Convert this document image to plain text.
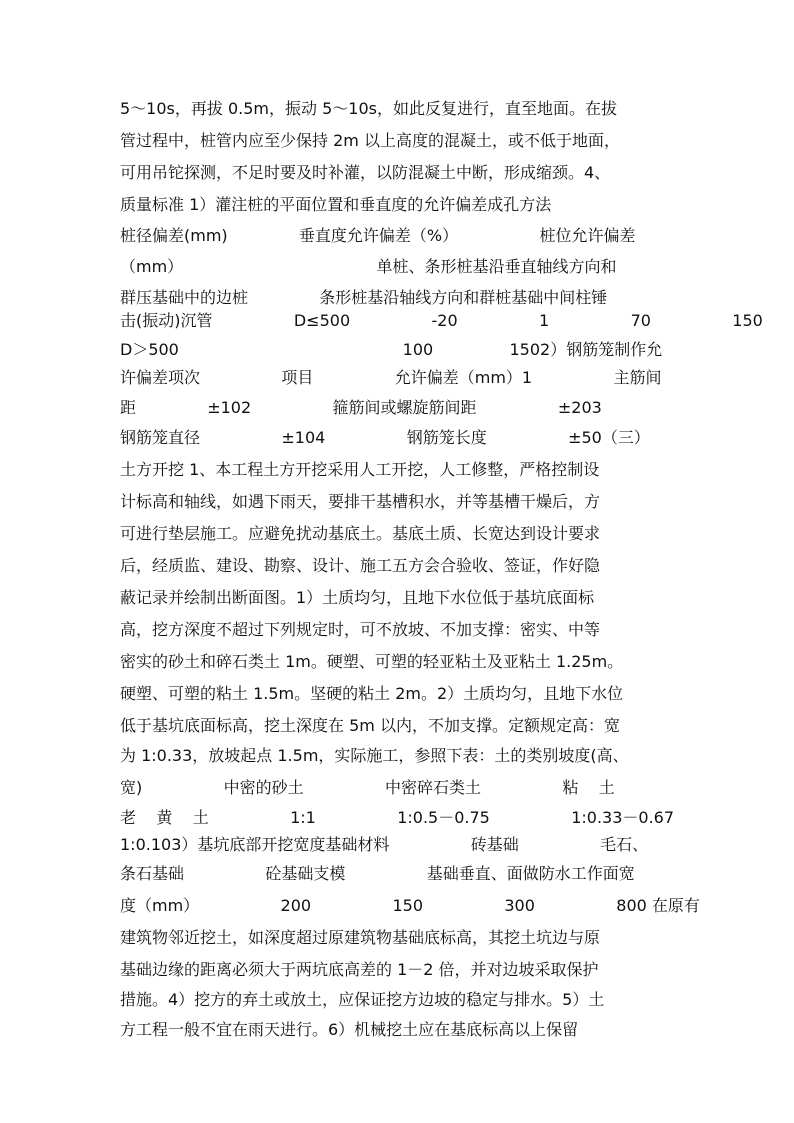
5～10s，再拔 0.5m，振动 5～10s，如此反复进行，直至地面。在拔
管过程中，桩管内应至少保持 2m 以上高度的混凝土，或不低于地面，
可用吊铊探测，不足时要及时补灌，以防混凝土中断，形成缩颈。4、
质量标准 1）灌注桩的平面位置和垂直度的允许偏差成孔方法
桩径偏差(mm)              垂直度允许偏差（%）                桩位允许偏差
（mm）                                      单桩、条形桩基沿垂直轴线方向和
群压基础中的边桩              条形桩基沿轴线方向和群桩基础中间柱锤
击(振动)沉管                D≤500                -20                1                70                150
D＞500                                            100               1502）钢筋笼制作允
许偏差项次                项目                允许偏差（mm）1                主筋间
距              ±102                箍筋间或螺旋筋间距                ±203
钢筋笼直径                ±104                钢筋笼长度                ±50（三）
土方开挖 1、本工程土方开挖采用人工开挖，人工修整，严格控制设
计标高和轴线，如遇下雨天，要排干基槽积水，并等基槽干燥后，方
可进行垫层施工。应避免扰动基底土。基底土质、长宽达到设计要求
后，经质监、建设、勘察、设计、施工五方会合验收、签证，作好隐
蔽记录并绘制出断面图。1）土质均匀，且地下水位低于基坑底面标
高，挖方深度不超过下列规定时，可不放坡、不加支撑：密实、中等
密实的砂土和碎石类土 1m。硬塑、可塑的轻亚粘土及亚粘土 1.25m。
硬塑、可塑的粘土 1.5m。坚硬的粘土 2m。2）土质均匀，且地下水位
低于基坑底面标高，挖土深度在 5m 以内，不加支撑。定额规定高：宽
为 1:0.33，放坡起点 1.5m，实际施工，参照下表：土的类别坡度(高、
宽)                中密的砂土                中密碎石类土                粘    土
老    黄    土                1:1                1:0.5－0.75                1:0.33－0.67
1:0.103）基坑底部开挖宽度基础材料                砖基础                毛石、
条石基础                砼基础支模                基础垂直、面做防水工作面宽
度（mm）                200                150                300                800 在原有
建筑物邻近挖土，如深度超过原建筑物基础底标高，其挖土坑边与原
基础边缘的距离必须大于两坑底高差的 1－2 倍，并对边坡采取保护
措施。4）挖方的弃土或放土，应保证挖方边坡的稳定与排水。5）土
方工程一般不宜在雨天进行。6）机械挖土应在基底标高以上保留
